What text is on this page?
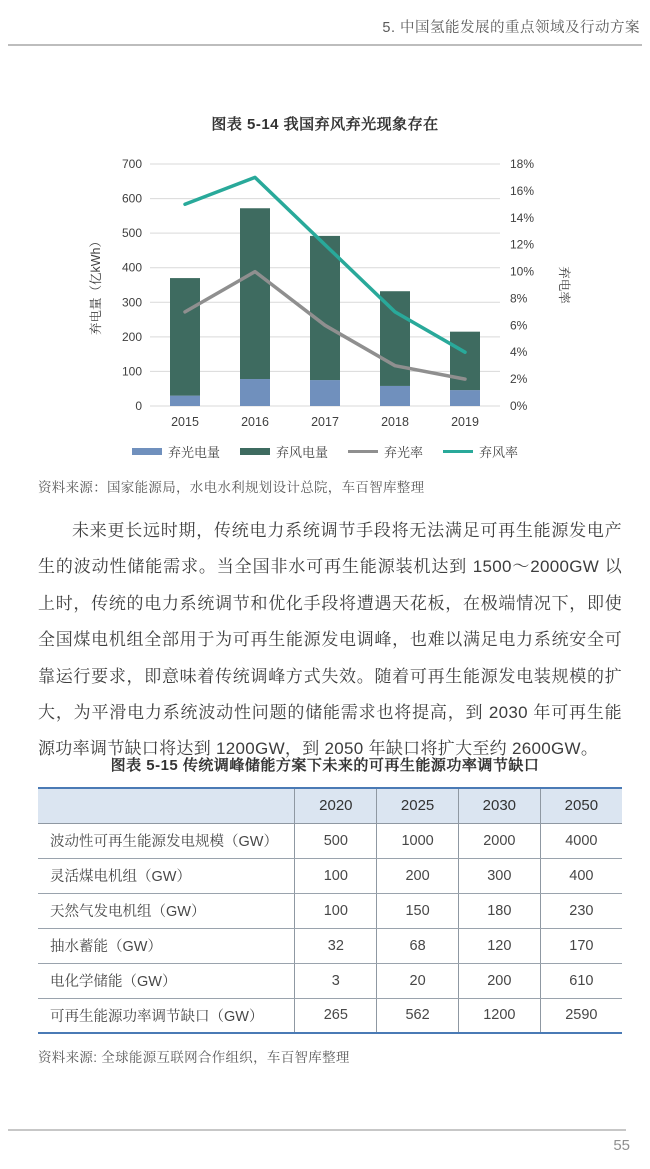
5. 中国氢能发展的重点领域及行动方案
图表 5-14 我国弃风弃光现象存在
0
100
200
300
400
500
600
700
0%
2%
4%
6%
8%
10%
12%
14%
16%
18%
2015	2016	2017	2018	2019
弃电量（亿kWh）	弃电率
弃光电量	弃风电量	弃光率	弃风率
资料来源：国家能源局，水电水利规划设计总院，车百智库整理
未来更长远时期，传统电力系统调节手段将无法满足可再生能源发电产生的波动性储能需求。当全国非水可再生能源装机达到 1500～2000GW 以上时，传统的电力系统调节和优化手段将遭遇天花板，在极端情况下，即使全国煤电机组全部用于为可再生能源发电调峰，也难以满足电力系统安全可靠运行要求，即意味着传统调峰方式失效。随着可再生能源发电装规模的扩大，为平滑电力系统波动性问题的储能需求也将提高，到 2030 年可再生能源功率调节缺口将达到 1200GW，到 2050 年缺口将扩大至约 2600GW。
图表 5-15 传统调峰储能方案下未来的可再生能源功率调节缺口
	2020	2025	2030	2050
波动性可再生能源发电规模（GW）	500	1000	2000	4000
灵活煤电机组（GW）	100	200	300	400
天然气发电机组（GW）	100	150	180	230
抽水蓄能（GW）	32	68	120	170
电化学储能（GW）	3	20	200	610
可再生能源功率调节缺口（GW）	265	562	1200	2590
资料来源: 全球能源互联网合作组织，车百智库整理
55
